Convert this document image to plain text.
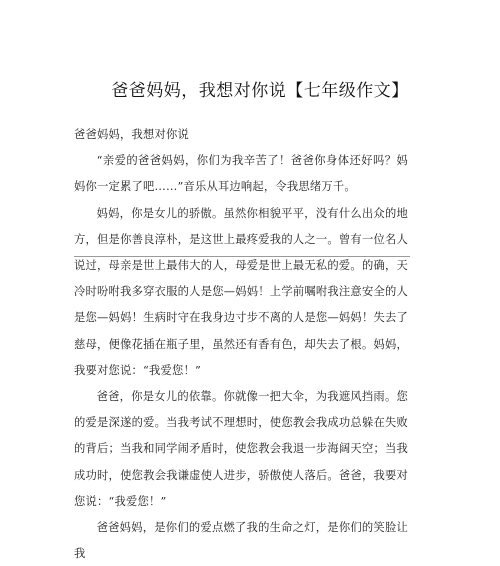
爸爸妈妈，我想对你说【七年级作文】

爸爸妈妈，我想对你说

“亲爱的爸爸妈妈，你们为我辛苦了！爸爸你身体还好吗？妈妈你一定累了吧……”音乐从耳边响起，令我思绪万千。

妈妈，你是女儿的骄傲。虽然你相貌平平，没有什么出众的地方，但是你善良淳朴，是这世上最疼爱我的人之一。曾有一位名人说过，母亲是世上最伟大的人，母爱是世上最无私的爱。的确，天冷时吩咐我多穿衣服的人是您—妈妈！上学前嘱咐我注意安全的人是您—妈妈！生病时守在我身边寸步不离的人是您—妈妈！失去了慈母，便像花插在瓶子里，虽然还有香有色，却失去了根。妈妈，我要对您说：“我爱您！”

爸爸，你是女儿的依靠。你就像一把大伞，为我遮风挡雨。您的爱是深遂的爱。当我考试不理想时，使您教会我成功总躲在失败的背后；当我和同学闹矛盾时，使您教会我退一步海阔天空；当我成功时，使您教会我谦虚使人进步，骄傲使人落后。爸爸，我要对您说：“我爱您！”

爸爸妈妈，是你们的爱点燃了我的生命之灯，是你们的笑脸让我
